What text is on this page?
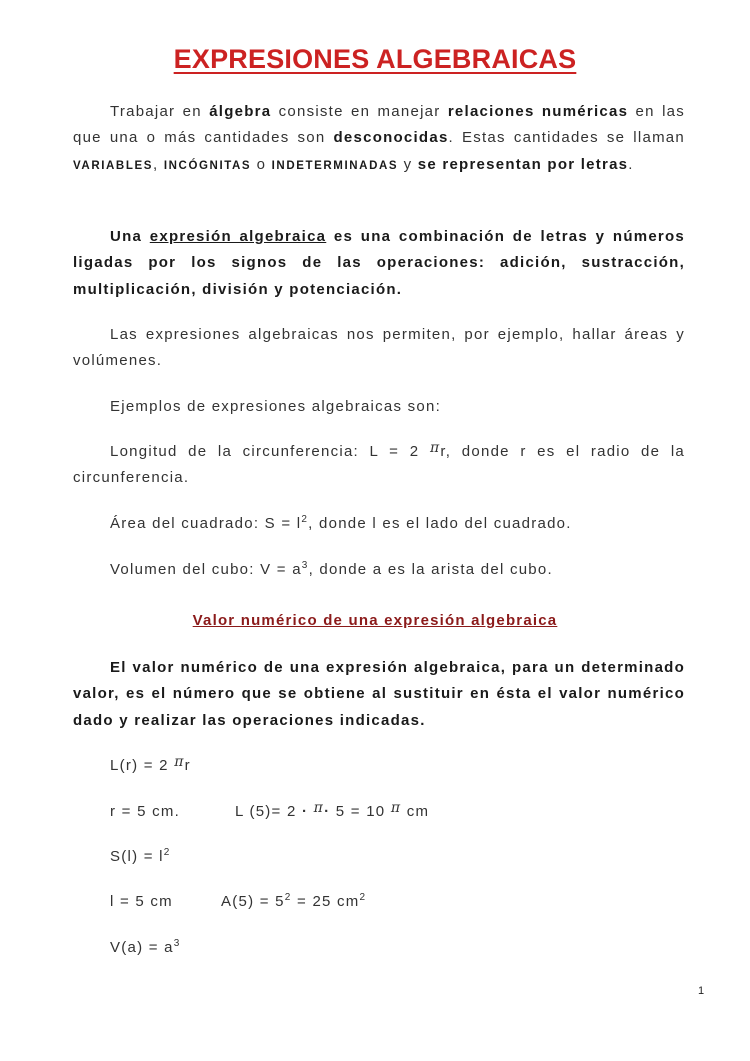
EXPRESIONES ALGEBRAICAS
Trabajar en álgebra consiste en manejar relaciones numéricas en las que una o más cantidades son desconocidas. Estas cantidades se llaman VARIABLES, INCÓGNITAS o INDETERMINADAS y se representan por letras.
Una expresión algebraica es una combinación de letras y números ligadas por los signos de las operaciones: adición, sustracción, multiplicación, división y potenciación.
Las expresiones algebraicas nos permiten, por ejemplo, hallar áreas y volúmenes.
Ejemplos de expresiones algebraicas son:
Longitud de la circunferencia: L = 2 πr, donde r es el radio de la circunferencia.
Área del cuadrado: $S = l^2$, donde l es el lado del cuadrado.
Volumen del cubo: $V = a^3$, donde a es la arista del cubo.
Valor numérico de una expresión algebraica
El valor numérico de una expresión algebraica, para un determinado valor, es el número que se obtiene al sustituir en ésta el valor numérico dado y realizar las operaciones indicadas.
L(r) = 2 πr
r = 5 cm.	L (5)= 2 · π· 5 = 10 π cm
$S(l) = l^2$
l = 5 cm	$A(5) = 5^2 = 25$ $cm^2$
$V(a) = a^3$
1
